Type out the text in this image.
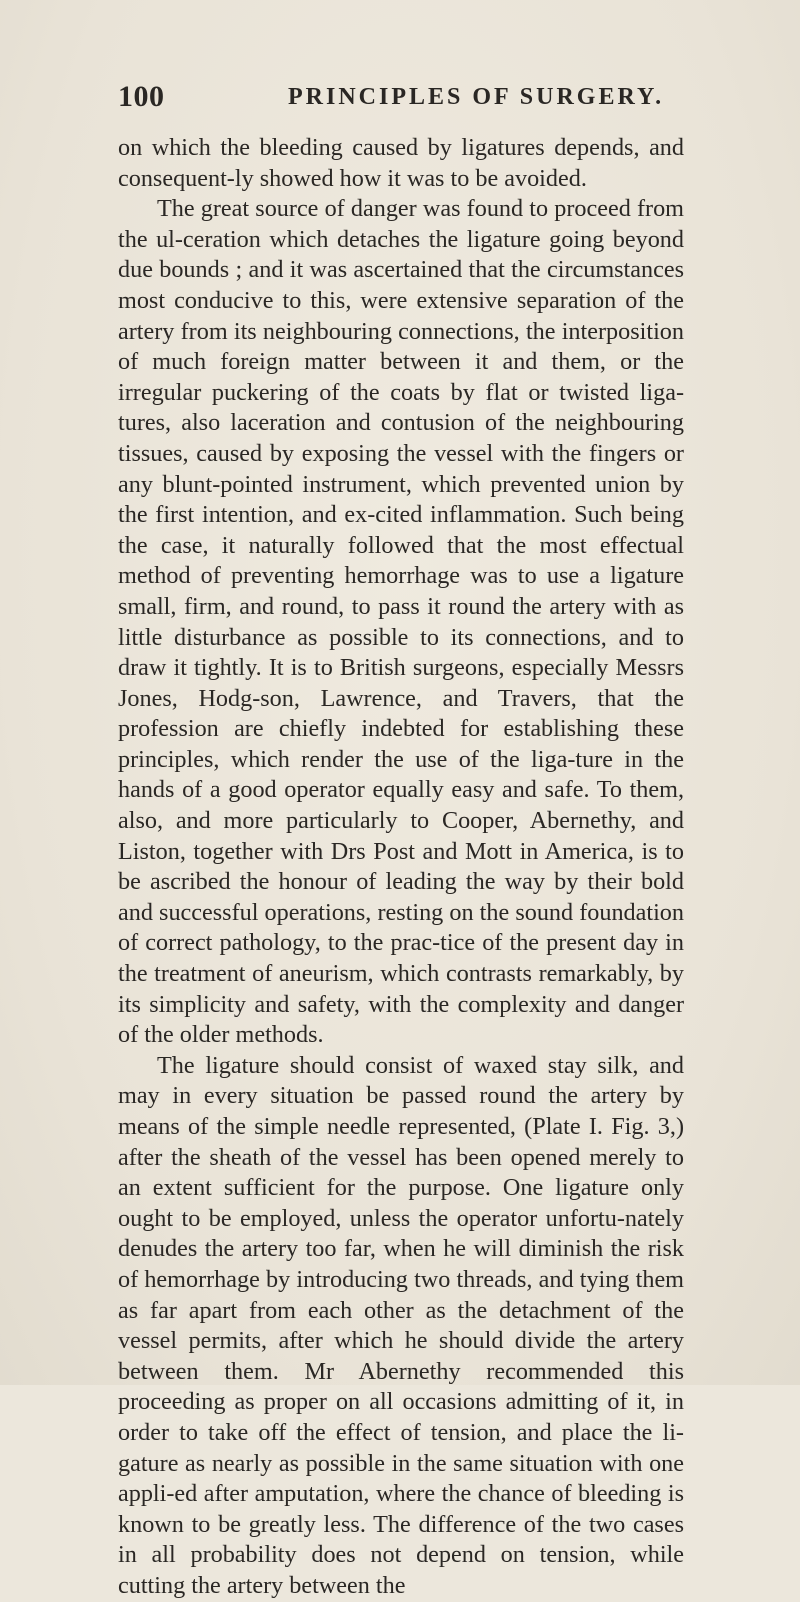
100	PRINCIPLES OF SURGERY.

on which the bleeding caused by ligatures depends, and consequent-ly showed how it was to be avoided.

The great source of danger was found to proceed from the ul-ceration which detaches the ligature going beyond due bounds ; and it was ascertained that the circumstances most conducive to this, were extensive separation of the artery from its neighbouring connections, the interposition of much foreign matter between it and them, or the irregular puckering of the coats by flat or twisted liga-tures, also laceration and contusion of the neighbouring tissues, caused by exposing the vessel with the fingers or any blunt-pointed instrument, which prevented union by the first intention, and ex-cited inflammation. Such being the case, it naturally followed that the most effectual method of preventing hemorrhage was to use a ligature small, firm, and round, to pass it round the artery with as little disturbance as possible to its connections, and to draw it tightly. It is to British surgeons, especially Messrs Jones, Hodg-son, Lawrence, and Travers, that the profession are chiefly indebted for establishing these principles, which render the use of the liga-ture in the hands of a good operator equally easy and safe. To them, also, and more particularly to Cooper, Abernethy, and Liston, together with Drs Post and Mott in America, is to be ascribed the honour of leading the way by their bold and successful operations, resting on the sound foundation of correct pathology, to the prac-tice of the present day in the treatment of aneurism, which contrasts remarkably, by its simplicity and safety, with the complexity and danger of the older methods.

The ligature should consist of waxed stay silk, and may in every situation be passed round the artery by means of the simple needle represented, (Plate I. Fig. 3,) after the sheath of the vessel has been opened merely to an extent sufficient for the purpose. One ligature only ought to be employed, unless the operator unfortu-nately denudes the artery too far, when he will diminish the risk of hemorrhage by introducing two threads, and tying them as far apart from each other as the detachment of the vessel permits, after which he should divide the artery between them. Mr Abernethy recommended this proceeding as proper on all occasions admitting of it, in order to take off the effect of tension, and place the li-gature as nearly as possible in the same situation with one appli-ed after amputation, where the chance of bleeding is known to be greatly less. The difference of the two cases in all probability does not depend on tension, while cutting the artery between the
